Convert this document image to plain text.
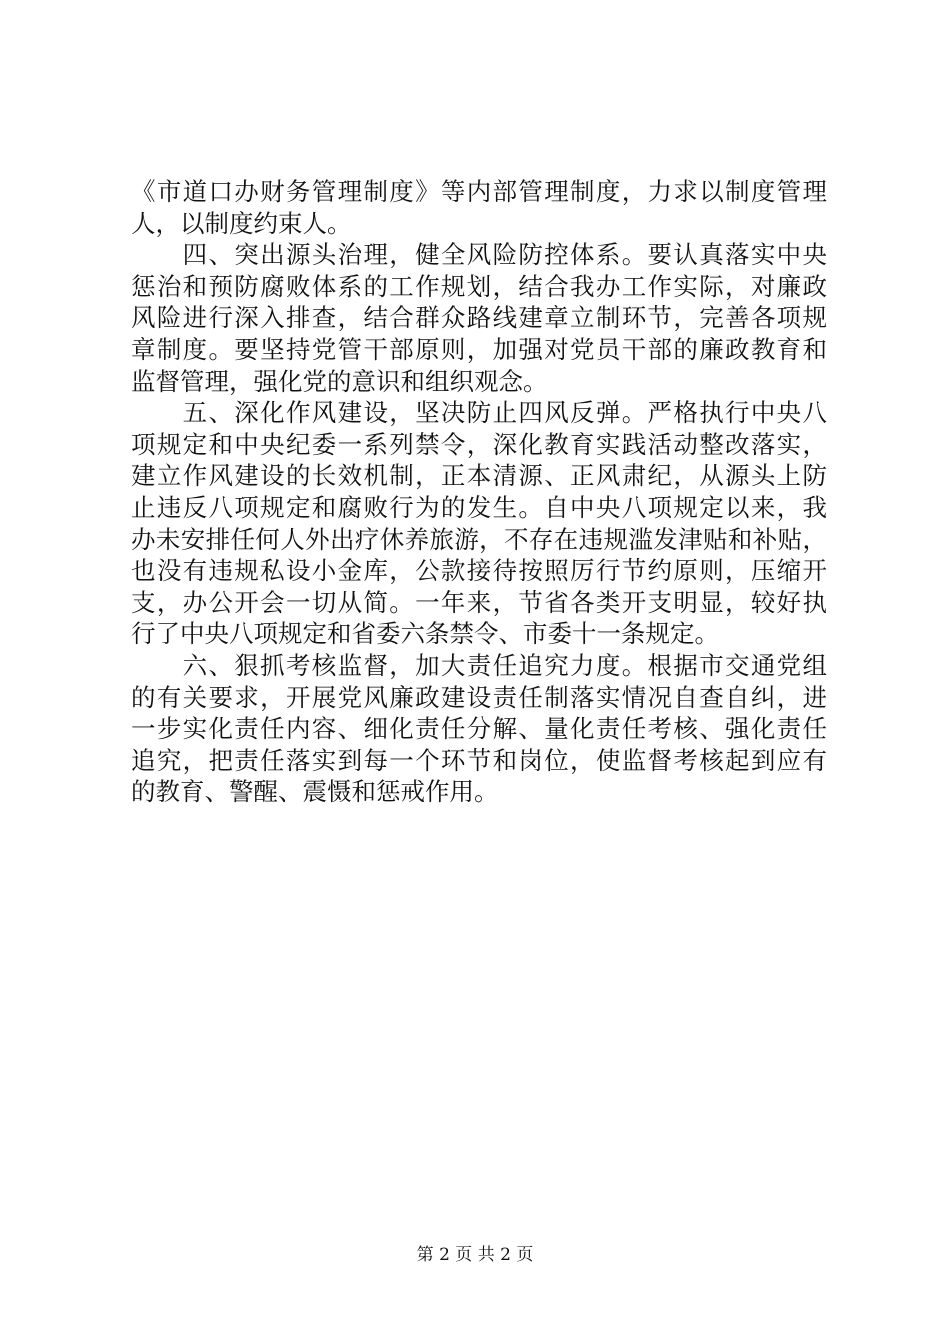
《市道口办财务管理制度》等内部管理制度，力求以制度管理
人，以制度约束人。
　　四、突出源头治理，健全风险防控体系。要认真落实中央
惩治和预防腐败体系的工作规划，结合我办工作实际，对廉政
风险进行深入排查，结合群众路线建章立制环节，完善各项规
章制度。要坚持党管干部原则，加强对党员干部的廉政教育和
监督管理，强化党的意识和组织观念。
　　五、深化作风建设，坚决防止四风反弹。严格执行中央八
项规定和中央纪委一系列禁令，深化教育实践活动整改落实，
建立作风建设的长效机制，正本清源、正风肃纪，从源头上防
止违反八项规定和腐败行为的发生。自中央八项规定以来，我
办未安排任何人外出疗休养旅游，不存在违规滥发津贴和补贴，
也没有违规私设小金库，公款接待按照厉行节约原则，压缩开
支，办公开会一切从简。一年来，节省各类开支明显，较好执
行了中央八项规定和省委六条禁令、市委十一条规定。
　　六、狠抓考核监督，加大责任追究力度。根据市交通党组
的有关要求，开展党风廉政建设责任制落实情况自查自纠，进
一步实化责任内容、细化责任分解、量化责任考核、强化责任
追究，把责任落实到每一个环节和岗位，使监督考核起到应有
的教育、警醒、震慑和惩戒作用。
第 2 页 共 2 页
